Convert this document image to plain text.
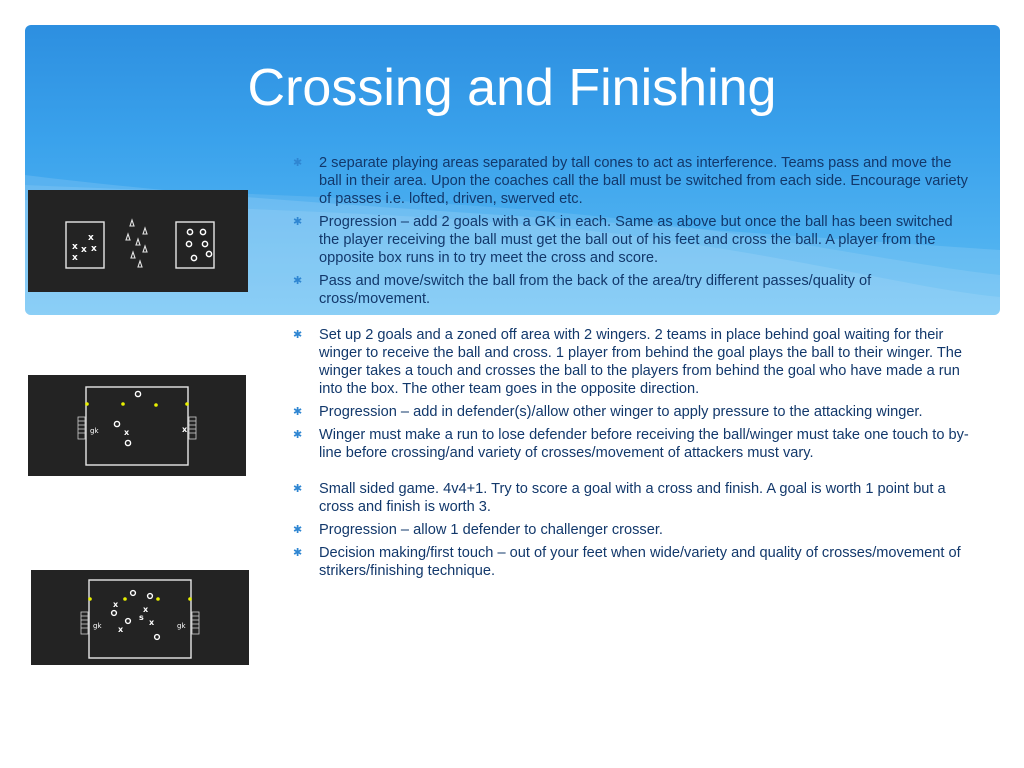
Crossing and Finishing
x
x x x
x
gk	x	x
x
x
x
x
s
gk	gk
✱ 2 separate playing areas separated by tall cones to act as interference. Teams pass and move the ball in their area. Upon the coaches call the ball must be switched from each side. Encourage variety of passes i.e. lofted, driven, swerved etc.
✱ Progression – add 2 goals with a GK in each. Same as above but once the ball has been switched the player receiving the ball must get the ball out of his feet and cross the ball. A player from the opposite box runs in to try meet the cross and score.
✱ Pass and move/switch the ball from the back of the area/try different passes/quality of cross/movement.
✱ Set up 2 goals and a zoned off area with 2 wingers. 2 teams in place behind goal waiting for their winger to receive the ball and cross. 1 player from behind the goal plays the ball to their winger. The winger takes a touch and crosses the ball to the players from behind the goal who have made a run into the box. The other team goes in the opposite direction.
✱ Progression – add in defender(s)/allow other winger to apply pressure to the attacking winger.
✱ Winger must make a run to lose defender before receiving the ball/winger must take one touch to by-line before crossing/and variety of crosses/movement of attackers must vary.
✱ Small sided game. 4v4+1. Try to score a goal with a cross and finish. A goal is worth 1 point but a cross and finish is worth 3.
✱ Progression – allow 1 defender to challenger crosser.
✱ Decision making/first touch – out of your feet when wide/variety and quality of crosses/movement of strikers/finishing technique.
